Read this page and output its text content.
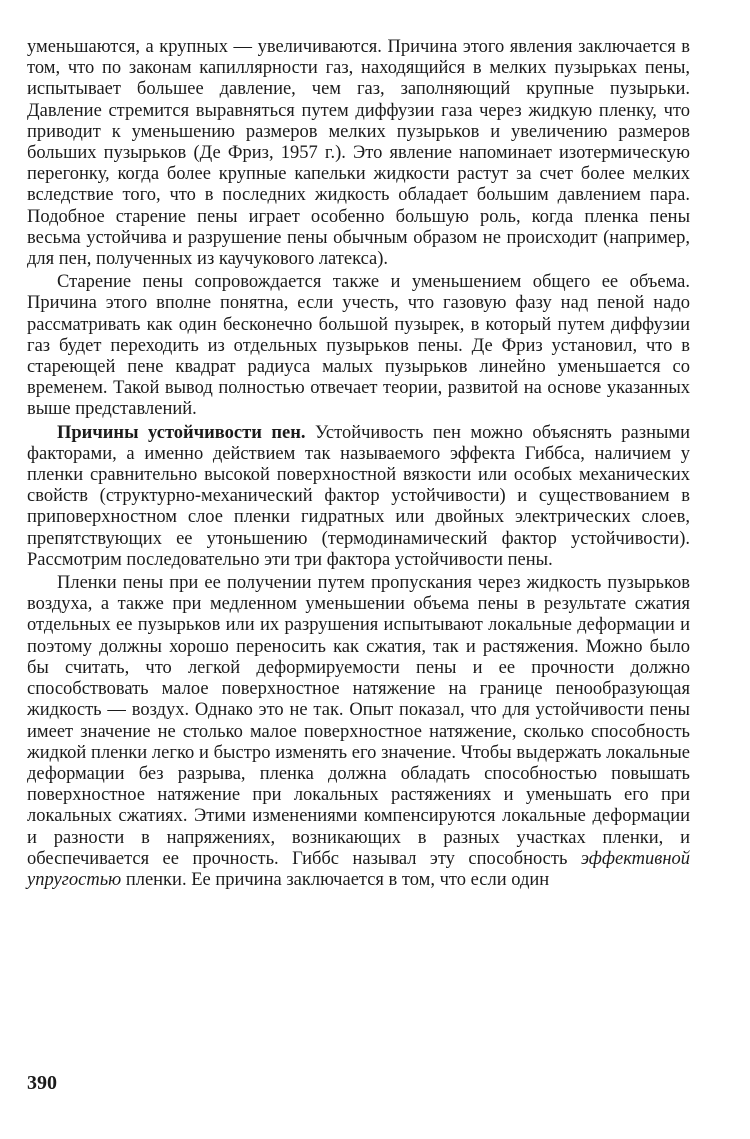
уменьшаются, а крупных — увеличиваются. Причина этого явления заключается в том, что по законам капиллярности газ, находящийся в мелких пузырьках пены, испытывает большее давление, чем газ, заполняющий крупные пузырьки. Давление стремится выравняться путем диффузии газа через жидкую пленку, что приводит к уменьшению размеров мелких пузырьков и увеличению размеров больших пузырьков (Де Фриз, 1957 г.). Это явление напоминает изотермическую перегонку, когда более крупные капельки жидкости растут за счет более мелких вследствие того, что в последних жидкость обладает большим давлением пара. Подобное старение пены играет особенно большую роль, когда пленка пены весьма устойчива и разрушение пены обычным образом не происходит (например, для пен, полученных из каучукового латекса).

Старение пены сопровождается также и уменьшением общего ее объема. Причина этого вполне понятна, если учесть, что газовую фазу над пеной надо рассматривать как один бесконечно большой пузырек, в который путем диффузии газ будет переходить из отдельных пузырьков пены. Де Фриз установил, что в стареющей пене квадрат радиуса малых пузырьков линейно уменьшается со временем. Такой вывод полностью отвечает теории, развитой на основе указанных выше представлений.

Причины устойчивости пен. Устойчивость пен можно объяснять разными факторами, а именно действием так называемого эффекта Гиббса, наличием у пленки сравнительно высокой поверхностной вязкости или особых механических свойств (структурно-механический фактор устойчивости) и существованием в приповерхностном слое пленки гидратных или двойных электрических слоев, препятствующих ее утоньшению (термодинамический фактор устойчивости). Рассмотрим последовательно эти три фактора устойчивости пены.

Пленки пены при ее получении путем пропускания через жидкость пузырьков воздуха, а также при медленном уменьшении объема пены в результате сжатия отдельных ее пузырьков или их разрушения испытывают локальные деформации и поэтому должны хорошо переносить как сжатия, так и растяжения. Можно было бы считать, что легкой деформируемости пены и ее прочности должно способствовать малое поверхностное натяжение на границе пенообразующая жидкость — воздух. Однако это не так. Опыт показал, что для устойчивости пены имеет значение не столько малое поверхностное натяжение, сколько способность жидкой пленки легко и быстро изменять его значение. Чтобы выдержать локальные деформации без разрыва, пленка должна обладать способностью повышать поверхностное натяжение при локальных растяжениях и уменьшать его при локальных сжатиях. Этими изменениями компенсируются локальные деформации и разности в напряжениях, возникающих в разных участках пленки, и обеспечивается ее прочность. Гиббс называл эту способность эффективной упругостью пленки. Ее причина заключается в том, что если один

390
